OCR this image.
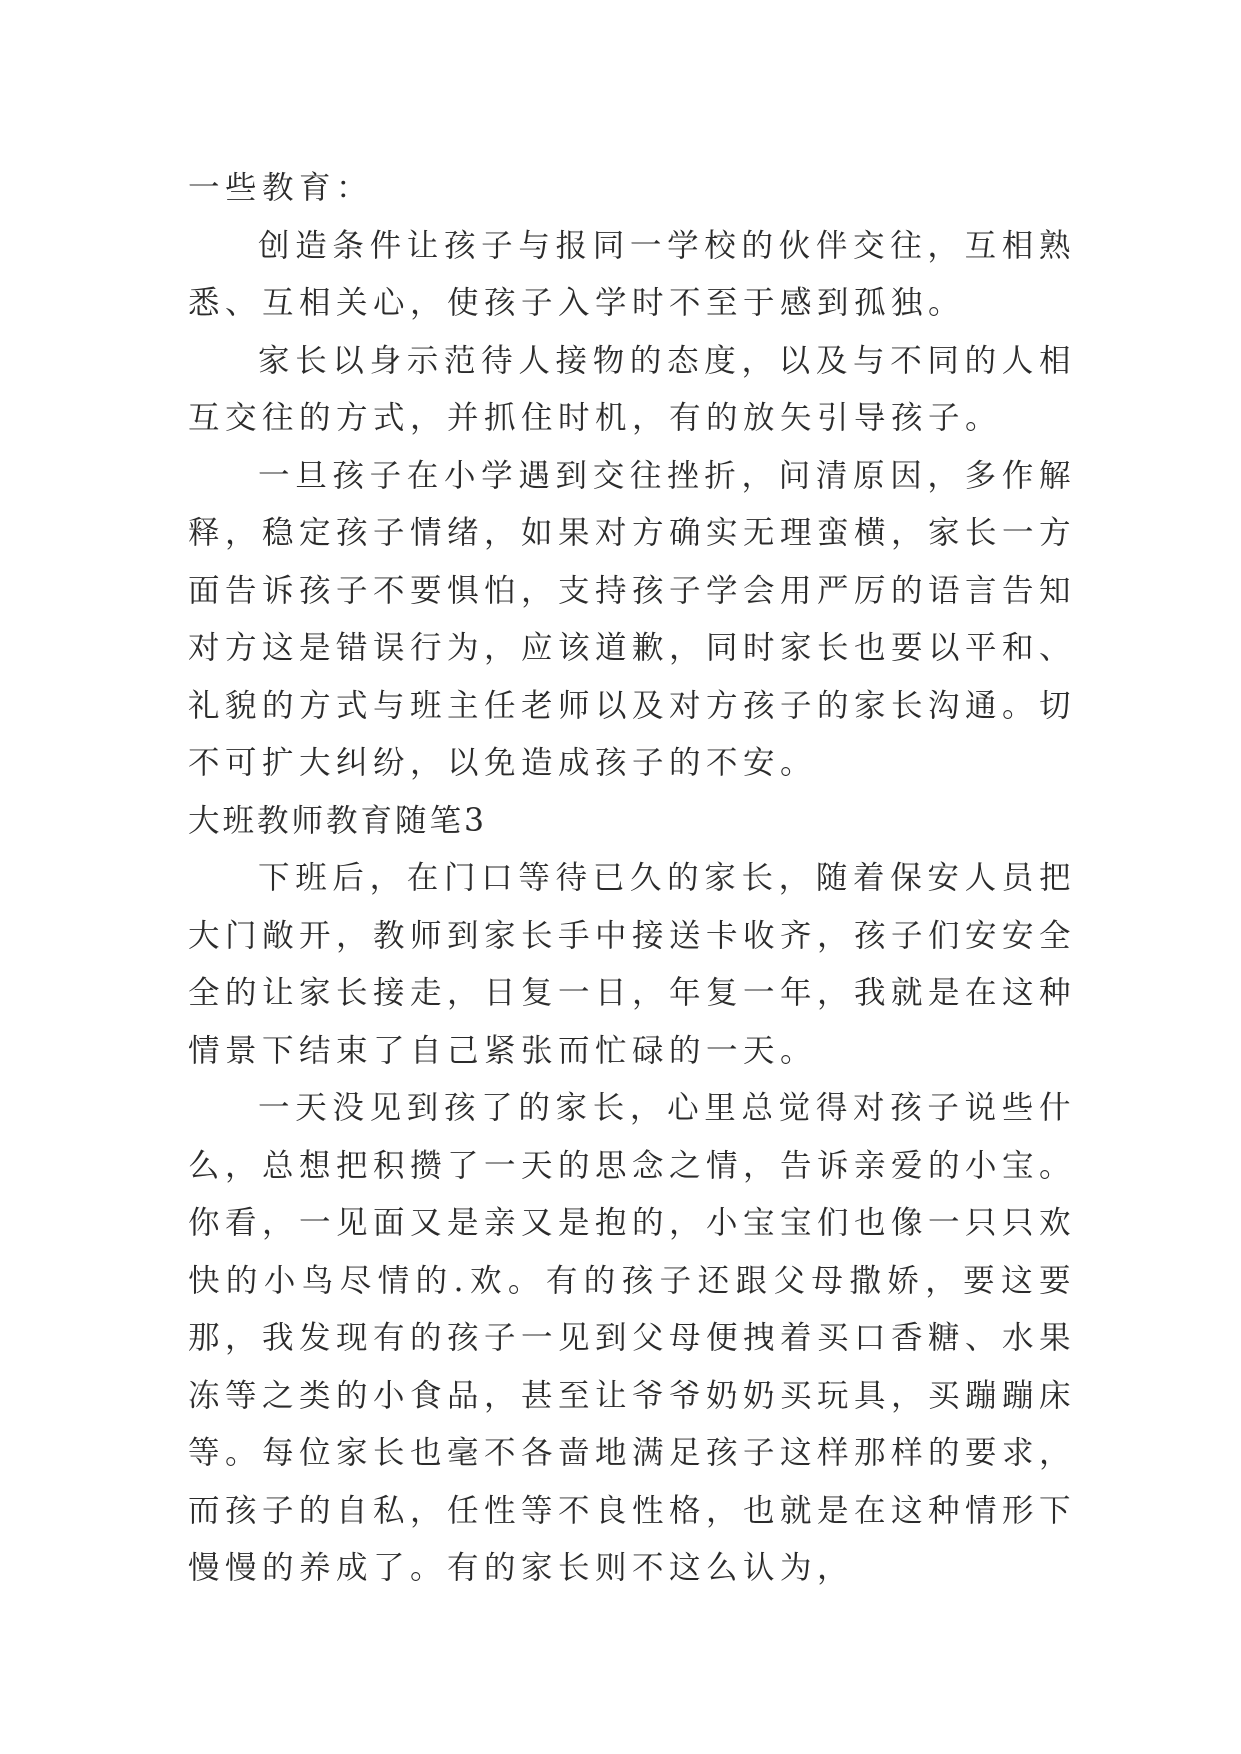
一些教育：

创造条件让孩子与报同一学校的伙伴交往，互相熟悉、互相关心，使孩子入学时不至于感到孤独。

家长以身示范待人接物的态度，以及与不同的人相互交往的方式，并抓住时机，有的放矢引导孩子。

一旦孩子在小学遇到交往挫折，问清原因，多作解释，稳定孩子情绪，如果对方确实无理蛮横，家长一方面告诉孩子不要惧怕，支持孩子学会用严厉的语言告知对方这是错误行为，应该道歉，同时家长也要以平和、礼貌的方式与班主任老师以及对方孩子的家长沟通。切不可扩大纠纷，以免造成孩子的不安。

大班教师教育随笔3

下班后，在门口等待已久的家长，随着保安人员把大门敞开，教师到家长手中接送卡收齐，孩子们安安全全的让家长接走，日复一日，年复一年，我就是在这种情景下结束了自己紧张而忙碌的一天。

一天没见到孩了的家长，心里总觉得对孩子说些什么，总想把积攒了一天的思念之情，告诉亲爱的小宝。你看，一见面又是亲又是抱的，小宝宝们也像一只只欢快的小鸟尽情的.欢。有的孩子还跟父母撒娇，要这要那，我发现有的孩子一见到父母便拽着买口香糖、水果冻等之类的小食品，甚至让爷爷奶奶买玩具，买蹦蹦床等。每位家长也毫不各啬地满足孩子这样那样的要求，而孩子的自私，任性等不良性格，也就是在这种情形下慢慢的养成了。有的家长则不这么认为，
